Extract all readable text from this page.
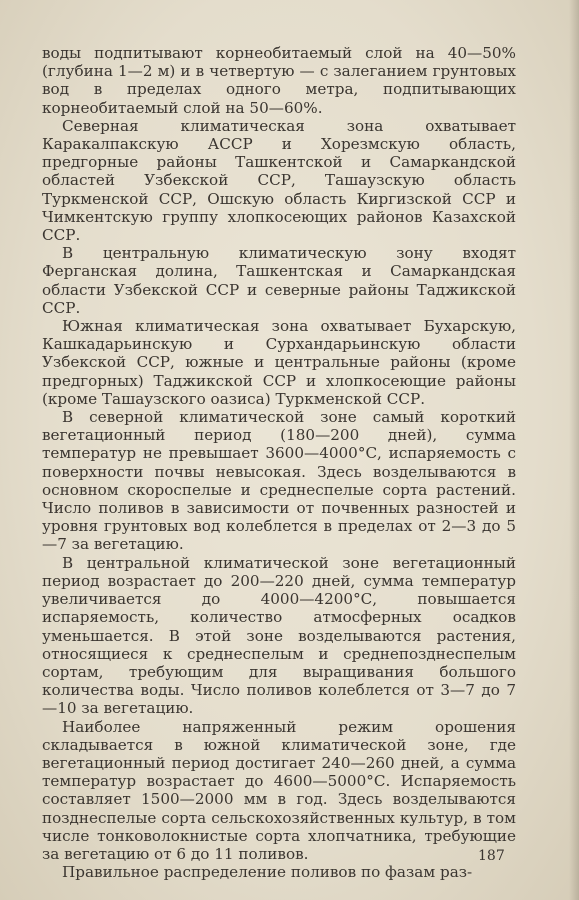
воды подпитывают корнеобитаемый слой на 40—50% (глубина 1—2 м) и в четвертую — с залеганием грунтовых вод в пределах одного метра, подпитывающих корнеобитаемый слой на 50—60%.

Северная климатическая зона охватывает Каракалпакскую АССР и Хорезмскую область, предгорные районы Ташкентской и Самаркандской областей Узбекской ССР, Ташаузскую область Туркменской ССР, Ошскую область Киргизской ССР и Чимкентскую группу хлопкосеющих районов Казахской ССР.

В центральную климатическую зону входят Ферганская долина, Ташкентская и Самаркандская области Узбекской ССР и северные районы Таджикской ССР.

Южная климатическая зона охватывает Бухарскую, Кашкадарьинскую и Сурхандарьинскую области Узбекской ССР, южные и центральные районы (кроме предгорных) Таджикской ССР и хлопкосеющие районы (кроме Ташаузского оазиса) Туркменской ССР.

В северной климатической зоне самый короткий вегетационный период (180—200 дней), сумма температур не превышает 3600—4000°С, испаряемость с поверхности почвы невысокая. Здесь возделываются в основном скороспелые и среднеспелые сорта растений. Число поливов в зависимости от почвенных разностей и уровня грунтовых вод колеблется в пределах от 2—3 до 5—7 за вегетацию.

В центральной климатической зоне вегетационный период возрастает до 200—220 дней, сумма температур увеличивается до 4000—4200°С, повышается испаряемость, количество атмосферных осадков уменьшается. В этой зоне возделываются растения, относящиеся к среднеспелым и среднепозднеспелым сортам, требующим для выращивания большого количества воды. Число поливов колеблется от 3—7 до 7—10 за вегетацию.

Наиболее напряженный режим орошения складывается в южной климатической зоне, где вегетационный период достигает 240—260 дней, а сумма температур возрастает до 4600—5000°С. Испаряемость составляет 1500—2000 мм в год. Здесь возделываются позднеспелые сорта сельскохозяйственных культур, в том числе тонковолокнистые сорта хлопчатника, требующие за вегетацию от 6 до 11 поливов.

Правильное распределение поливов по фазам раз-

187
